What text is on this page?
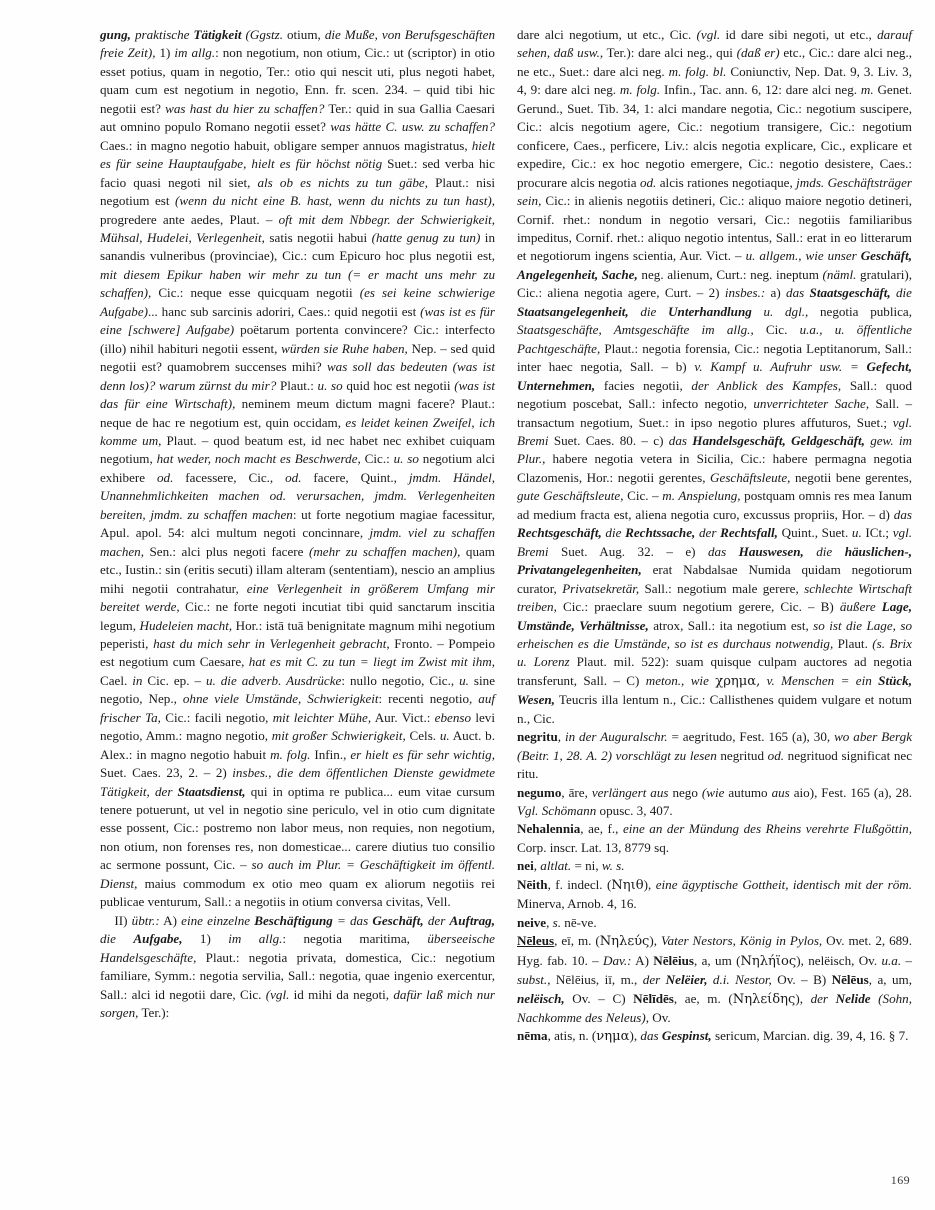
gung, praktische Tätigkeit (Ggstz. otium, die Muße, von Berufsgeschäften freie Zeit), 1) im allg.: non negotium, non otium, Cic.: ut (scriptor) in otio esset potius, quam in negotio, Ter.: otio qui nescit uti, plus negoti habet, quam cum est negotium in negotio, Enn. fr. scen. 234. – quid tibi hic negotii est? was hast du hier zu schaffen? Ter.: quid in sua Gallia Caesari aut omnino populo Romano negotii esset? was hätte C. usw. zu schaffen? Caes.: in magno negotio habuit, obligare semper annuos magistratus, hielt es für seine Hauptaufgabe, hielt es für höchst nötig Suet.: sed verba hic facio quasi negoti nil siet, als ob es nichts zu tun gäbe, Plaut.: nisi negotium est (wenn du nicht eine B. hast, wenn du nichts zu tun hast), progredere ante aedes, Plaut. – oft mit dem Nbbegr. der Schwierigkeit, Mühsal, Hudelei, Verlegenheit, satis negotii habui (hatte genug zu tun) in sanandis vulneribus (provinciae), Cic.: cum Epicuro hoc plus negotii est, mit diesem Epikur haben wir mehr zu tun (= er macht uns mehr zu schaffen), Cic.: neque esse quicquam negotii (es sei keine schwierige Aufgabe)... hanc sub sarcinis adoriri, Caes.: quid negotii est (was ist es für eine [schwere] Aufgabe) poëtarum portenta convincere? Cic.: interfecto (illo) nihil habituri negotii essent, würden sie Ruhe haben, Nep. – sed quid negotii est? quamobrem succenses mihi? was soll das bedeuten (was ist denn los)? warum zürnst du mir? Plaut.: u. so quid hoc est negotii (was ist das für eine Wirtschaft), neminem meum dictum magni facere? Plaut.: neque de hac re negotium est, quin occidam, es leidet keinen Zweifel, ich komme um, Plaut. – quod beatum est, id nec habet nec exhibet cuiquam negotium, hat weder, noch macht es Beschwerde, Cic.: u. so negotium alci exhibere od. facessere, Cic., od. facere, Quint., jmdm. Händel, Unannehmlichkeiten machen od. verursachen, jmdm. Verlegenheiten bereiten, jmdm. zu schaffen machen: ut forte negotium magiae facessitur, Apul. apol. 54: alci multum negoti concinnare, jmdm. viel zu schaffen machen, Sen.: alci plus negoti facere (mehr zu schaffen machen), quam etc., Iustin.: sin (eritis secuti) illam alteram (sententiam), nescio an amplius mihi negotii contrahatur, eine Verlegenheit in größerem Umfang mir bereitet werde, Cic.: ne forte negoti incutiat tibi quid sanctarum inscitia legum, Hudeleien macht, Hor.: istā tuā benignitate magnum mihi negotium peperisti, hast du mich sehr in Verlegenheit gebracht, Fronto. – Pompeio est negotium cum Caesare, hat es mit C. zu tun = liegt im Zwist mit ihm, Cael. in Cic. ep. – u. die adverb. Ausdrücke: nullo negotio, Cic., u. sine negotio, Nep., ohne viele Umstände, Schwierigkeit: recenti negotio, auf frischer Ta, Cic.: facili negotio, mit leichter Mühe, Aur. Vict.: ebenso levi negotio, Amm.: magno negotio, mit großer Schwierigkeit, Cels. u. Auct. b. Alex.: in magno negotio habuit m. folg. Infin., er hielt es für sehr wichtig, Suet. Caes. 23, 2. – 2) insbes., die dem öffentlichen Dienste gewidmete Tätigkeit, der Staatsdienst, qui in optima re publica... eum vitae cursum tenere potuerunt, ut vel in negotio sine periculo, vel in otio cum dignitate esse possent, Cic.: postremo non labor meus, non requies, non negotium, non otium, non forenses res, non domesticae... carere diutius tuo consilio ac sermone possunt, Cic. – so auch im Plur. = Geschäftigkeit im öffentl. Dienst, maius commodum ex otio meo quam ex aliorum negotiis rei publicae venturum, Sall.: a negotiis in otium conversa civitas, Vell.

II) übtr.: A) eine einzelne Beschäftigung = das Geschäft, der Auftrag, die Aufgabe, 1) im allg.: negotia maritima, überseeische Handelsgeschäfte, Plaut.: negotia privata, domestica, Cic.: negotium familiare, Symm.: negotia servilia, Sall.: negotia, quae ingenio exercentur, Sall.: alci id negotii dare, Cic. (vgl. id mihi da negoti, dafür laß mich nur sorgen, Ter.):

dare alci negotium, ut etc., Cic. (vgl. id dare sibi negoti, ut etc., darauf sehen, daß usw., Ter.): dare alci neg., qui (daß er) etc., Cic.: dare alci neg., ne etc., Suet.: dare alci neg. m. folg. bl. Coniunctiv, Nep. Dat. 9, 3. Liv. 3, 4, 9: dare alci neg. m. folg. Infin., Tac. ann. 6, 12: dare alci neg. m. Genet. Gerund., Suet. Tib. 34, 1: alci mandare negotia, Cic.: negotium suscipere, Cic.: alcis negotium agere, Cic.: negotium transigere, Cic.: negotium conficere, Caes., perficere, Liv.: alcis negotia explicare, Cic., explicare et expedire, Cic.: ex hoc negotio emergere, Cic.: negotio desistere, Caes.: procurare alcis negotia od. alcis rationes negotiaque, jmds. Geschäftsträger sein, Cic.: in alienis negotiis detineri, Cic.: aliquo maiore negotio detineri, Cornif. rhet.: nondum in negotio versari, Cic.: negotiis familiaribus impeditus, Cornif. rhet.: aliquo negotio intentus, Sall.: erat in eo litterarum et negotiorum ingens scientia, Aur. Vict. – u. allgem., wie unser Geschäft, Angelegenheit, Sache, neg. alienum, Curt.: neg. ineptum (näml. gratulari), Cic.: aliena negotia agere, Curt. – 2) insbes.: a) das Staatsgeschäft, die Staatsangelegenheit, die Unterhandlung u. dgl., negotia publica, Staatsgeschäfte, Amtsgeschäfte im allg., Cic. u.a., u. öffentliche Pachtgeschäfte, Plaut.: negotia forensia, Cic.: negotia Leptitanorum, Sall.: inter haec negotia, Sall. – b) v. Kampf u. Aufruhr usw. = Gefecht, Unternehmen, facies negotii, der Anblick des Kampfes, Sall.: quod negotium poscebat, Sall.: infecto negotio, unverrichteter Sache, Sall. – transactum negotium, Suet.: in ipso negotio plures affuturos, Suet.; vgl. Bremi Suet. Caes. 80. – c) das Handelsgeschäft, Geldgeschäft, gew. im Plur., habere negotia vetera in Sicilia, Cic.: habere permagna negotia Clazomenis, Hor.: negotii gerentes, Geschäftsleute, negotii bene gerentes, gute Geschäftsleute, Cic. – m. Anspielung, postquam omnis res mea Ianum ad medium fracta est, aliena negotia curo, excussus propriis, Hor. – d) das Rechtsgeschäft, die Rechtssache, der Rechtsfall, Quint., Suet. u. ICt.; vgl. Bremi Suet. Aug. 32. – e) das Hauswesen, die häuslichen-, Privatangelegenheiten, erat Nabdalsae Numida quidam negotiorum curator, Privatsekretär, Sall.: negotium male gerere, schlechte Wirtschaft treiben, Cic.: praeclare suum negotium gerere, Cic. – B) äußere Lage, Umstände, Verhältnisse, atrox, Sall.: ita negotium est, so ist die Lage, so erheischen es die Umstände, so ist es durchaus notwendig, Plaut. (s. Brix u. Lorenz Plaut. mil. 522): suam quisque culpam auctores ad negotia transferunt, Sall. – C) meton., wie χρημα, v. Menschen = ein Stück, Wesen, Teucris illa lentum n., Cic.: Callisthenes quidem vulgare et notum n., Cic.

negritu, in der Auguralschr. = aegritudo, Fest. 165 (a), 30, wo aber Bergk (Beitr. 1, 28. A. 2) vorschlägt zu lesen negritud od. negrituod significat nec ritu.

negumo, āre, verlängert aus nego (wie autumo aus aio), Fest. 165 (a), 28. Vgl. Schömann opusc. 3, 407.

Nehalennia, ae, f., eine an der Mündung des Rheins verehrte Flußgöttin, Corp. inscr. Lat. 13, 8779 sq.

nei, altlat. = ni, w. s.

Nēith, f. indecl. (Νηιθ), eine ägyptische Gottheit, identisch mit der röm. Minerva, Arnob. 4, 16.

neive, s. nē-ve.

Nēleus, eī, m. (Νηλεύς), Vater Nestors, König in Pylos, Ov. met. 2, 689. Hyg. fab. 10. – Dav.: A) Nēlēius, a, um (Νηλήϊος), nelëisch, Ov. u.a. – subst., Nēlēius, iī, m., der Nelëier, d.i. Nestor, Ov. – B) Nēlēus, a, um, nelëisch, Ov. – C) Nēlīdēs, ae, m. (Νηλείδης), der Nelide (Sohn, Nachkomme des Neleus), Ov.

nēma, atis, n. (νημα), das Gespinst, sericum, Marcian. dig. 39, 4, 16. § 7.

169
